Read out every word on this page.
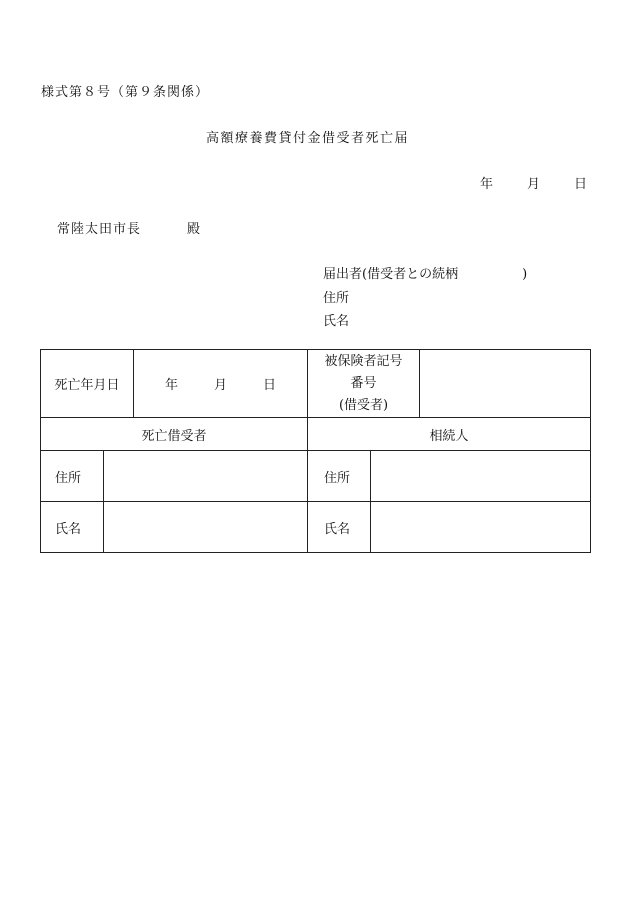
様式第８号（第９条関係）
高額療養費貸付金借受者死亡届
年	月	日
常陸太田市長	殿
届出者(借受者との続柄	)
住所
氏名
死亡年月日		年 月 日	被保険者記号
番号
(借受者)		

死亡借受者			相続人		
住所			住所		
氏名			氏名		
